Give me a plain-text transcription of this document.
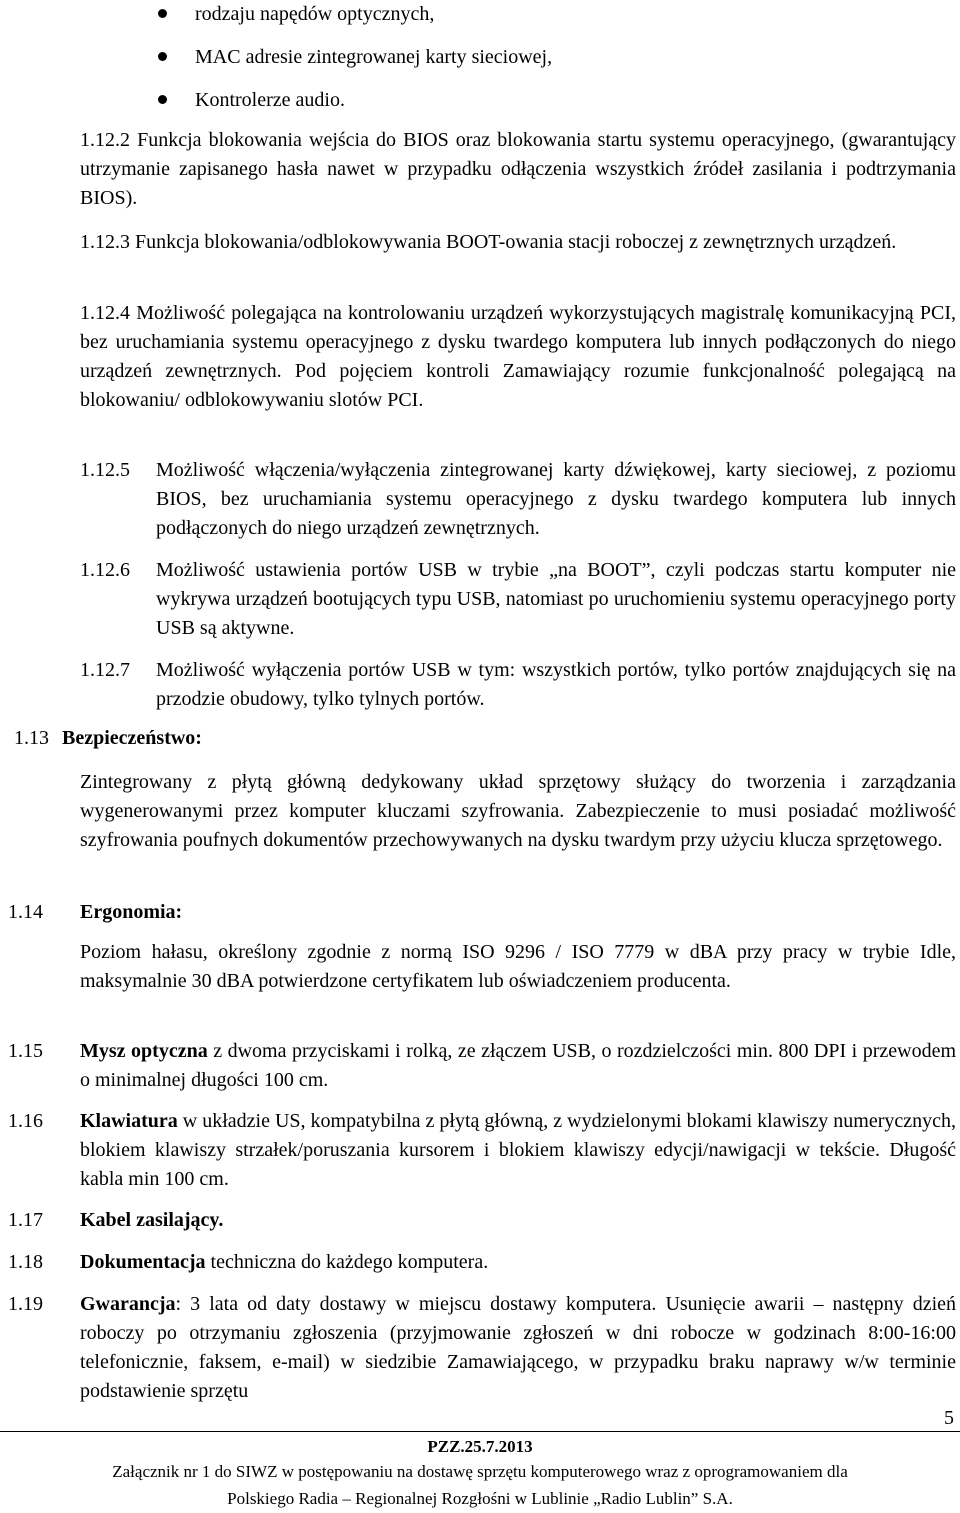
rodzaju napędów optycznych,
MAC adresie zintegrowanej karty sieciowej,
Kontrolerze audio.
1.12.2 Funkcja blokowania wejścia do BIOS oraz blokowania startu systemu operacyjnego, (gwarantujący utrzymanie zapisanego hasła nawet w przypadku odłączenia wszystkich źródeł zasilania i podtrzymania BIOS).
1.12.3 Funkcja blokowania/odblokowywania BOOT-owania stacji roboczej z zewnętrznych urządzeń.
1.12.4 Możliwość polegająca na kontrolowaniu urządzeń wykorzystujących magistralę komunikacyjną PCI, bez uruchamiania systemu operacyjnego z dysku twardego komputera lub innych podłączonych do niego urządzeń zewnętrznych. Pod pojęciem kontroli Zamawiający rozumie funkcjonalność polegającą na blokowaniu/ odblokowywaniu slotów PCI.
1.12.5 Możliwość włączenia/wyłączenia zintegrowanej karty dźwiękowej, karty sieciowej, z poziomu BIOS, bez uruchamiania systemu operacyjnego z dysku twardego komputera lub innych podłączonych do niego urządzeń zewnętrznych.
1.12.6 Możliwość ustawienia portów USB w trybie „na BOOT”, czyli podczas startu komputer nie wykrywa urządzeń bootujących typu USB, natomiast po uruchomieniu systemu operacyjnego porty USB są aktywne.
1.12.7 Możliwość wyłączenia portów USB w tym: wszystkich portów, tylko portów znajdujących się na przodzie obudowy, tylko tylnych portów.
1.13 Bezpieczeństwo:
Zintegrowany z płytą główną dedykowany układ sprzętowy służący do tworzenia i zarządzania wygenerowanymi przez komputer kluczami szyfrowania. Zabezpieczenie to musi posiadać możliwość szyfrowania poufnych dokumentów przechowywanych na dysku twardym przy użyciu klucza sprzętowego.
1.14 Ergonomia:
Poziom hałasu, określony zgodnie z normą ISO 9296 / ISO 7779 w dBA przy pracy w trybie Idle, maksymalnie 30 dBA potwierdzone certyfikatem lub oświadczeniem producenta.
1.15 Mysz optyczna z dwoma przyciskami i rolką, ze złączem USB, o rozdzielczości min. 800 DPI i przewodem o minimalnej długości 100 cm.
1.16 Klawiatura w układzie US, kompatybilna z płytą główną, z wydzielonymi blokami klawiszy numerycznych, blokiem klawiszy strzałek/poruszania kursorem i blokiem klawiszy edycji/nawigacji w tekście. Długość kabla min 100 cm.
1.17 Kabel zasilający.
1.18 Dokumentacja techniczna do każdego komputera.
1.19 Gwarancja: 3 lata od daty dostawy w miejscu dostawy komputera. Usunięcie awarii – następny dzień roboczy po otrzymaniu zgłoszenia (przyjmowanie zgłoszeń w dni robocze w godzinach 8:00-16:00 telefonicznie, faksem, e-mail) w siedzibie Zamawiającego, w przypadku braku naprawy w/w terminie podstawienie sprzętu
5
PZZ.25.7.2013
Załącznik nr 1 do SIWZ w postępowaniu na dostawę sprzętu komputerowego wraz z oprogramowaniem dla
Polskiego Radia – Regionalnej Rozgłośni w Lublinie „Radio Lublin” S.A.
